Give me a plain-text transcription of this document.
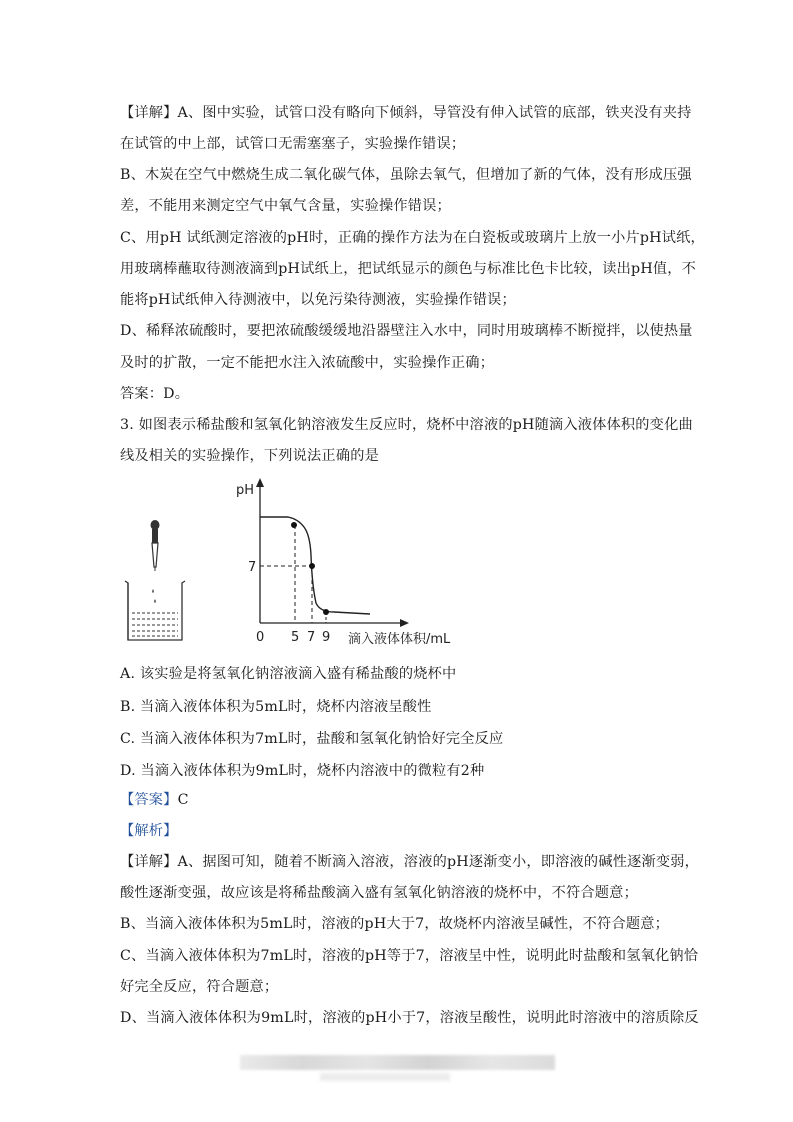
【详解】A、图中实验，试管口没有略向下倾斜，导管没有伸入试管的底部，铁夹没有夹持
在试管的中上部，试管口无需塞塞子，实验操作错误；
B、木炭在空气中燃烧生成二氧化碳气体，虽除去氧气，但增加了新的气体，没有形成压强
差，不能用来测定空气中氧气含量，实验操作错误；
C、用pH 试纸测定溶液的pH时，正确的操作方法为在白瓷板或玻璃片上放一小片pH试纸，
用玻璃棒蘸取待测液滴到pH试纸上，把试纸显示的颜色与标准比色卡比较，读出pH值，不
能将pH试纸伸入待测液中，以免污染待测液，实验操作错误；
D、稀释浓硫酸时，要把浓硫酸缓缓地沿器壁注入水中，同时用玻璃棒不断搅拌，以使热量
及时的扩散，一定不能把水注入浓硫酸中，实验操作正确；
答案：D。
3. 如图表示稀盐酸和氢氧化钠溶液发生反应时，烧杯中溶液的pH随滴入液体体积的变化曲
线及相关的实验操作，下列说法正确的是
pH
7
0 5 7 9 滴入液体体积/mL
A. 该实验是将氢氧化钠溶液滴入盛有稀盐酸的烧杯中
B. 当滴入液体体积为5mL时，烧杯内溶液呈酸性
C. 当滴入液体体积为7mL时，盐酸和氢氧化钠恰好完全反应
D. 当滴入液体体积为9mL时，烧杯内溶液中的微粒有2种
【答案】C
【解析】
【详解】A、据图可知，随着不断滴入溶液，溶液的pH逐渐变小，即溶液的碱性逐渐变弱，
酸性逐渐变强，故应该是将稀盐酸滴入盛有氢氧化钠溶液的烧杯中，不符合题意；
B、当滴入液体体积为5mL时，溶液的pH大于7，故烧杯内溶液呈碱性，不符合题意；
C、当滴入液体体积为7mL时，溶液的pH等于7，溶液呈中性，说明此时盐酸和氢氧化钠恰
好完全反应，符合题意；
D、当滴入液体体积为9mL时，溶液的pH小于7，溶液呈酸性，说明此时溶液中的溶质除反
